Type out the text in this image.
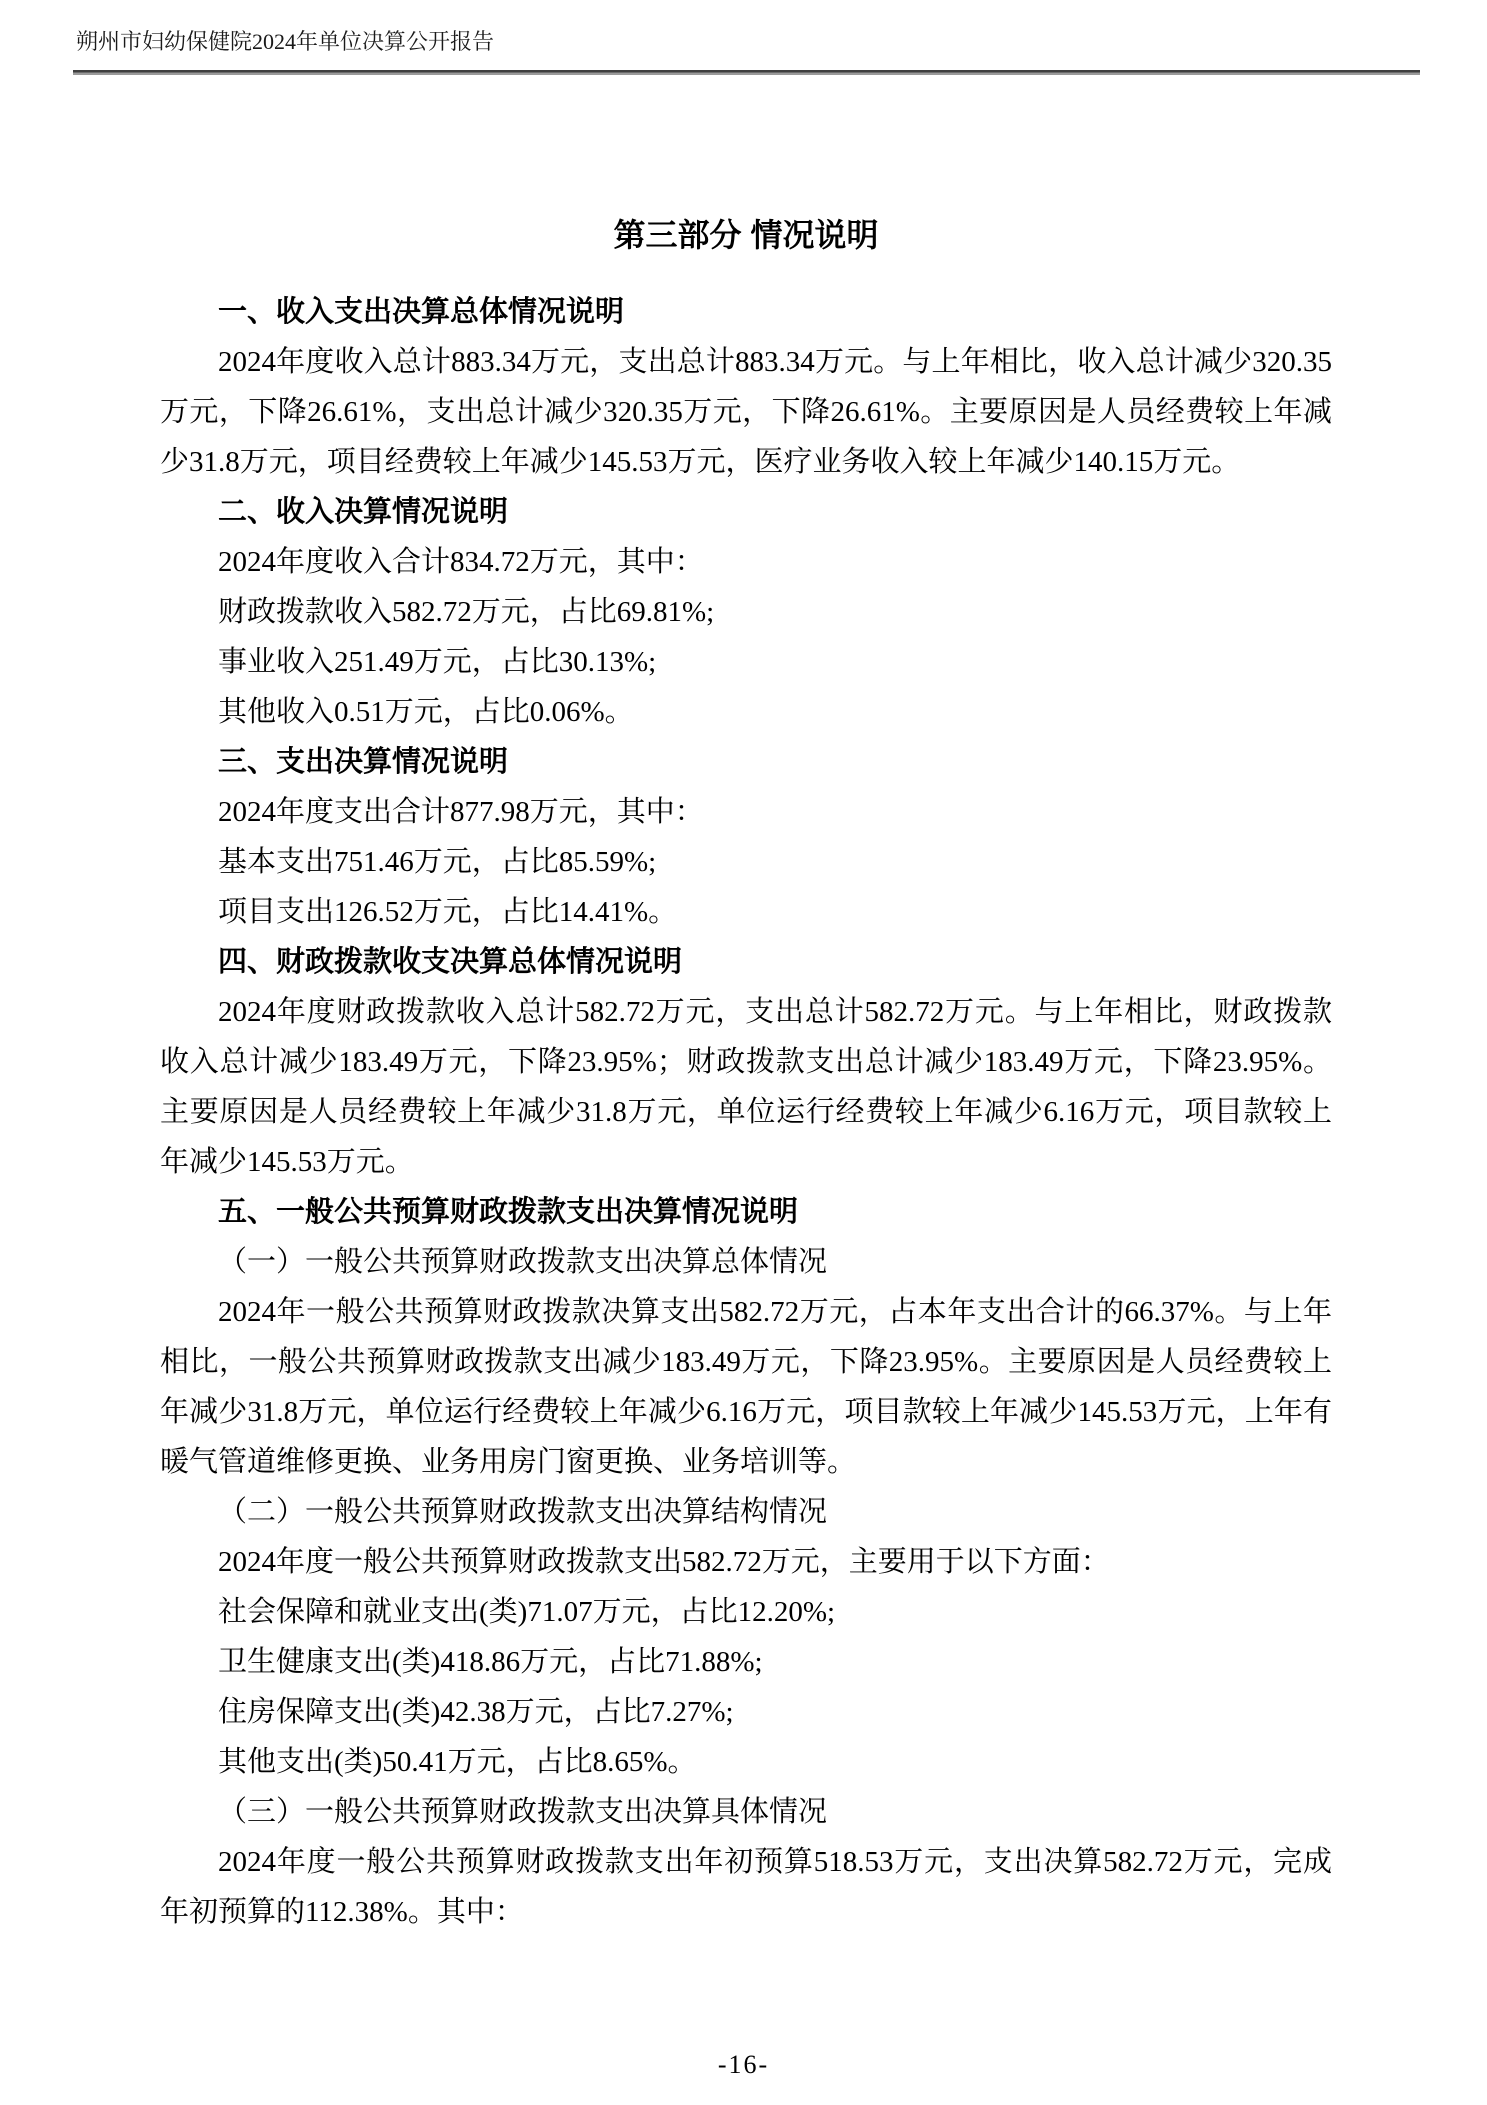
朔州市妇幼保健院2024年单位决算公开报告
第三部分 情况说明
一、收入支出决算总体情况说明

2024年度收入总计883.34万元，支出总计883.34万元。与上年相比，收入总计减少320.35万元，下降26.61%，支出总计减少320.35万元，下降26.61%。主要原因是人员经费较上年减少31.8万元，项目经费较上年减少145.53万元，医疗业务收入较上年减少140.15万元。

二、收入决算情况说明

2024年度收入合计834.72万元，其中：

财政拨款收入582.72万元，占比69.81%;

事业收入251.49万元，占比30.13%;

其他收入0.51万元，占比0.06%。

三、支出决算情况说明

2024年度支出合计877.98万元，其中：

基本支出751.46万元，占比85.59%;

项目支出126.52万元，占比14.41%。

四、财政拨款收支决算总体情况说明

2024年度财政拨款收入总计582.72万元，支出总计582.72万元。与上年相比，财政拨款收入总计减少183.49万元，下降23.95%；财政拨款支出总计减少183.49万元，下降23.95%。主要原因是人员经费较上年减少31.8万元，单位运行经费较上年减少6.16万元，项目款较上年减少145.53万元。

五、一般公共预算财政拨款支出决算情况说明

（一）一般公共预算财政拨款支出决算总体情况

2024年一般公共预算财政拨款决算支出582.72万元，占本年支出合计的66.37%。与上年相比，一般公共预算财政拨款支出减少183.49万元，下降23.95%。主要原因是人员经费较上年减少31.8万元，单位运行经费较上年减少6.16万元，项目款较上年减少145.53万元，上年有暖气管道维修更换、业务用房门窗更换、业务培训等。

（二）一般公共预算财政拨款支出决算结构情况

2024年度一般公共预算财政拨款支出582.72万元，主要用于以下方面：

社会保障和就业支出(类)71.07万元，占比12.20%;

卫生健康支出(类)418.86万元，占比71.88%;

住房保障支出(类)42.38万元，占比7.27%;

其他支出(类)50.41万元，占比8.65%。

（三）一般公共预算财政拨款支出决算具体情况

2024年度一般公共预算财政拨款支出年初预算518.53万元，支出决算582.72万元，完成年初预算的112.38%。其中：

-16-
